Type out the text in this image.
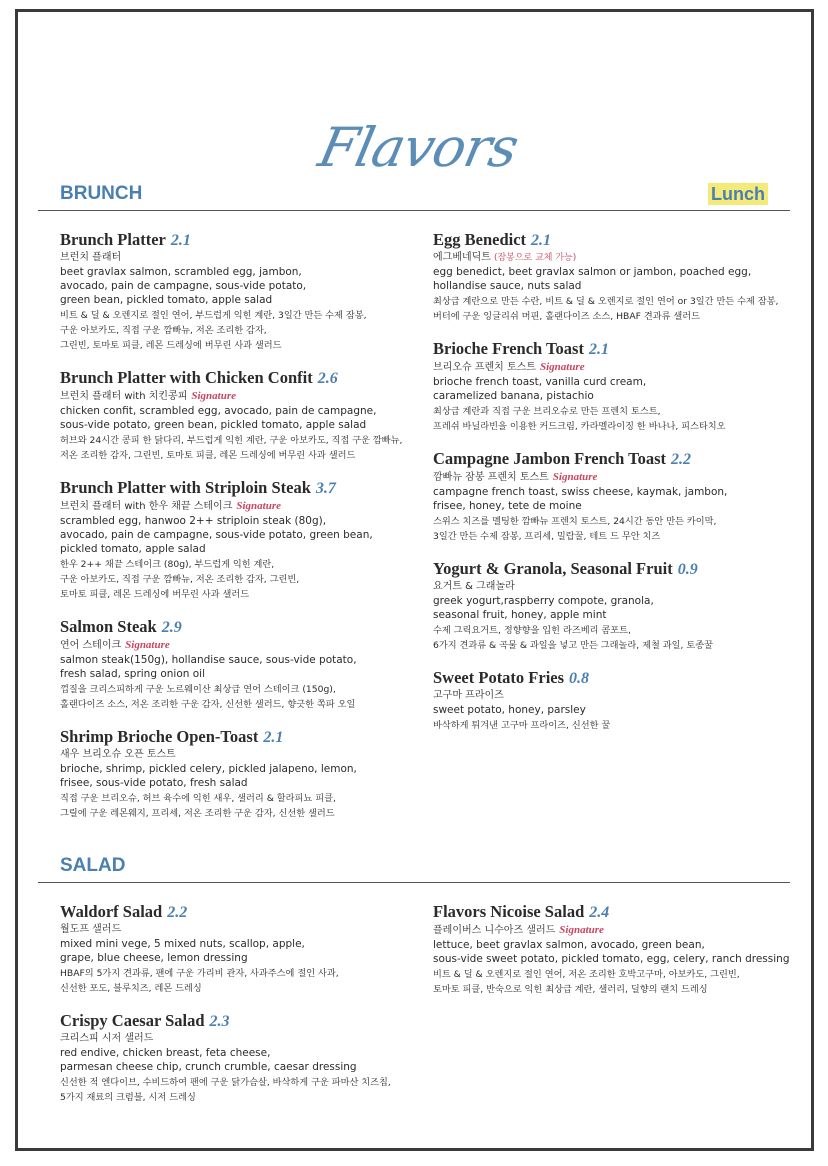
Flavors
BRUNCH	Lunch
Brunch Platter 2.1
브런치 플래터
beet gravlax salmon, scrambled egg, jambon,
avocado, pain de campagne, sous-vide potato,
green bean, pickled tomato, apple salad
비트 & 딜 & 오렌지로 절인 연어, 부드럽게 익힌 계란, 3일간 만든 수제 잠봉,
구운 아보카도, 직접 구운 깜빠뉴, 저온 조리한 감자,
그린빈, 토마토 피클, 레몬 드레싱에 버무린 사과 샐러드
Brunch Platter with Chicken Confit 2.6
브런치 플래터 with 치킨콩피 Signature
chicken confit, scrambled egg, avocado, pain de campagne,
sous-vide potato, green bean, pickled tomato, apple salad
허브와 24시간 콩피 한 닭다리, 부드럽게 익힌 계란, 구운 아보카도, 직접 구운 깜빠뉴,
저온 조리한 감자, 그린빈, 토마토 피클, 레몬 드레싱에 버무린 사과 샐러드
Brunch Platter with Striploin Steak 3.7
브런치 플래터 with 한우 채끝 스테이크 Signature
scrambled egg, hanwoo 2++ striploin steak (80g),
avocado, pain de campagne, sous-vide potato, green bean,
pickled tomato, apple salad
한우 2++ 채끝 스테이크 (80g), 부드럽게 익힌 계란,
구운 아보카도, 직접 구운 깜빠뉴, 저온 조리한 감자, 그린빈,
토마토 피클, 레몬 드레싱에 버무린 사과 샐러드
Salmon Steak 2.9
연어 스테이크 Signature
salmon steak(150g), hollandise sauce, sous-vide potato,
fresh salad, spring onion oil
껍질을 크리스피하게 구운 노르웨이산 최상급 연어 스테이크 (150g),
홀랜다이즈 소스, 저온 조리한 구운 감자, 신선한 샐러드, 향긋한 쪽파 오일
Shrimp Brioche Open-Toast 2.1
새우 브리오슈 오픈 토스트
brioche, shrimp, pickled celery, pickled jalapeno, lemon,
frisee, sous-vide potato, fresh salad
직접 구운 브리오슈, 허브 육수에 익힌 새우, 샐러리 & 할라피뇨 피클,
그릴에 구운 레몬웨지, 프리세, 저온 조리한 구운 감자, 신선한 샐러드
Egg Benedict 2.1
에그베네딕트 (잠봉으로 교체 가능)
egg benedict, beet gravlax salmon or jambon, poached egg,
hollandise sauce, nuts salad
최상급 계란으로 만든 수란, 비트 & 딜 & 오렌지로 절인 연어 or 3일간 만든 수제 잠봉,
버터에 구운 잉글리쉬 머핀, 홀랜다이즈 소스, HBAF 견과류 샐러드
Brioche French Toast 2.1
브리오슈 프렌치 토스트 Signature
brioche french toast, vanilla curd cream,
caramelized banana, pistachio
최상급 계란과 직접 구운 브리오슈로 만든 프렌치 토스트,
프레쉬 바닐라빈을 이용한 커드크림, 카라멜라이징 한 바나나, 피스타치오
Campagne Jambon French Toast 2.2
깜빠뉴 잠봉 프렌치 토스트 Signature
campagne french toast, swiss cheese, kaymak, jambon,
frisee, honey, tete de moine
스위스 치즈를 멜팅한 깜빠뉴 프렌치 토스트, 24시간 동안 만든 카이막,
3일간 만든 수제 잠봉, 프리세, 밀랍꿀, 테트 드 무안 치즈
Yogurt & Granola, Seasonal Fruit 0.9
요거트 & 그래놀라
greek yogurt,raspberry compote, granola,
seasonal fruit, honey, apple mint
수제 그릭요거트, 정향향을 입힌 라즈베리 콤포트,
6가지 견과류 & 곡물 & 과일을 넣고 만든 그래놀라, 제철 과일, 토종꿀
Sweet Potato Fries 0.8
고구마 프라이즈
sweet potato, honey, parsley
바삭하게 튀겨낸 고구마 프라이즈, 신선한 꿀
SALAD
Waldorf Salad 2.2
월도프 샐러드
mixed mini vege, 5 mixed nuts, scallop, apple,
grape, blue cheese, lemon dressing
HBAF의 5가지 견과류, 팬에 구운 가리비 관자, 사과주스에 절인 사과,
신선한 포도, 블루치즈, 레몬 드레싱
Crispy Caesar Salad 2.3
크리스피 시저 샐러드
red endive, chicken breast, feta cheese,
parmesan cheese chip, crunch crumble, caesar dressing
신선한 적 엔다이브, 수비드하여 팬에 구운 닭가슴살, 바삭하게 구운 파마산 치즈칩,
5가지 재료의 크럼블, 시저 드레싱
Flavors Nicoise Salad 2.4
플레이버스 니수아즈 샐러드 Signature
lettuce, beet gravlax salmon, avocado, green bean,
sous-vide sweet potato, pickled tomato, egg, celery, ranch dressing
비트 & 딜 & 오렌지로 절인 연어, 저온 조리한 호박고구마, 아보카도, 그린빈,
토마토 피클, 반숙으로 익힌 최상급 계란, 샐러리, 딜향의 랜치 드레싱
